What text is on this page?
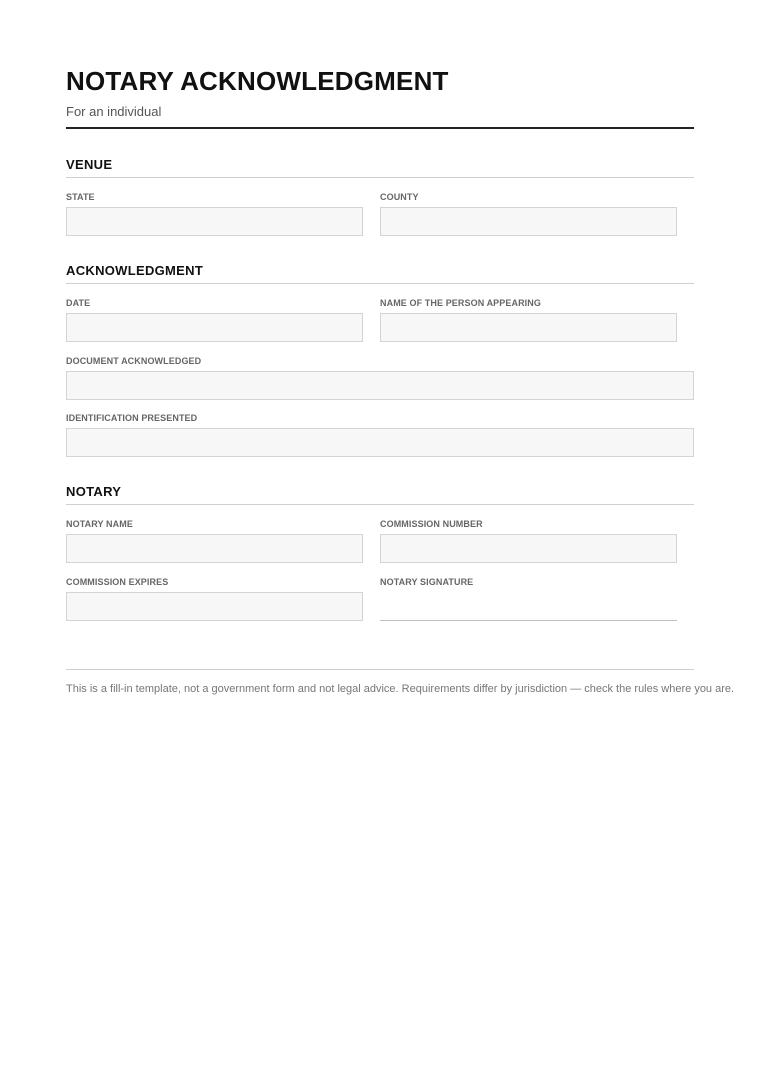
NOTARY ACKNOWLEDGMENT
For an individual
VENUE
STATE	COUNTY
ACKNOWLEDGMENT
DATE	NAME OF THE PERSON APPEARING
DOCUMENT ACKNOWLEDGED
IDENTIFICATION PRESENTED
NOTARY
NOTARY NAME	COMMISSION NUMBER
COMMISSION EXPIRES	NOTARY SIGNATURE
This is a fill-in template, not a government form and not legal advice. Requirements differ by jurisdiction — check the rules where you are.
